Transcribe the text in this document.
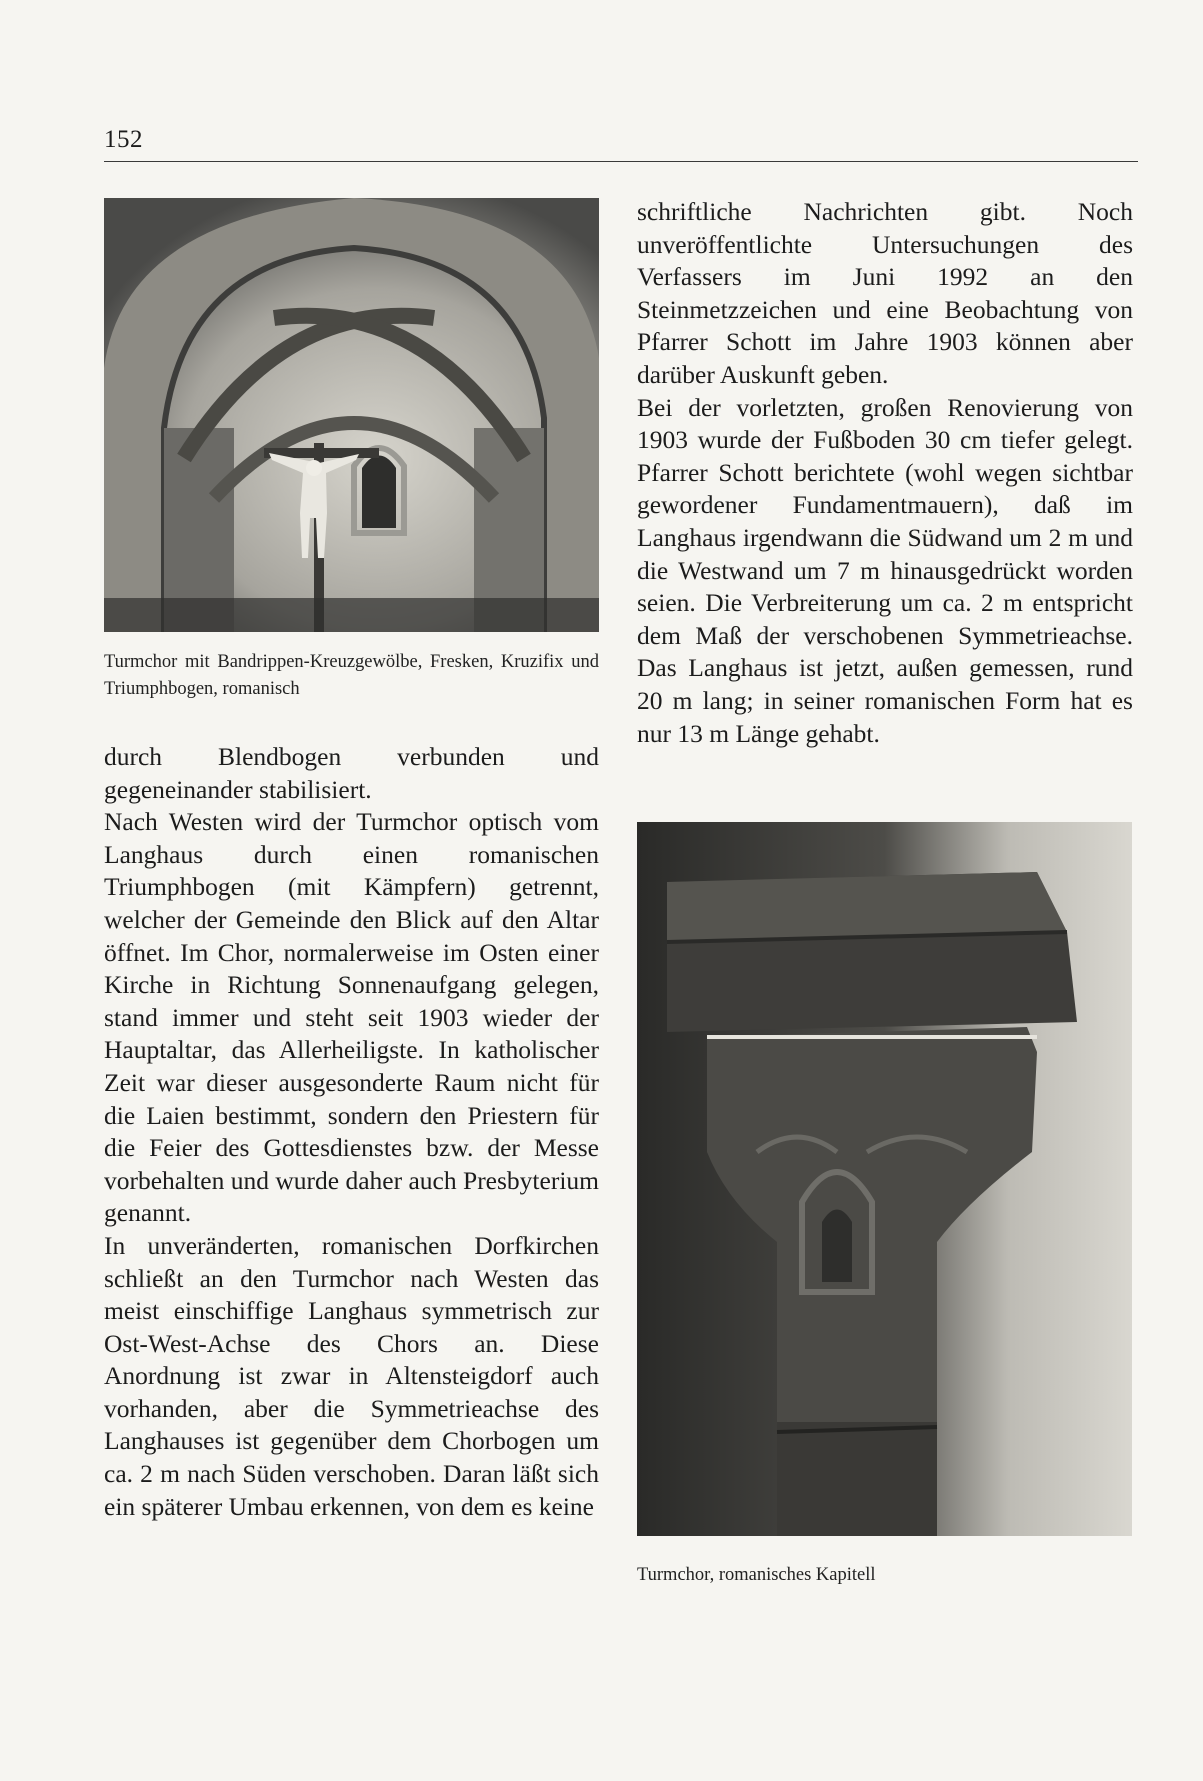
152
Turmchor mit Bandrippen-Kreuzgewölbe, Fresken, Kruzifix und Triumphbogen, romanisch

durch Blendbogen verbunden und gegeneinander stabilisiert.

Nach Westen wird der Turmchor optisch vom Langhaus durch einen romanischen Triumphbogen (mit Kämpfern) getrennt, welcher der Gemeinde den Blick auf den Altar öffnet. Im Chor, normalerweise im Osten einer Kirche in Richtung Sonnenaufgang gelegen, stand immer und steht seit 1903 wieder der Hauptaltar, das Allerheiligste. In katholischer Zeit war dieser ausgesonderte Raum nicht für die Laien bestimmt, sondern den Priestern für die Feier des Gottesdienstes bzw. der Messe vorbehalten und wurde daher auch Presbyterium genannt.

In unveränderten, romanischen Dorfkirchen schließt an den Turmchor nach Westen das meist einschiffige Langhaus symmetrisch zur Ost-West-Achse des Chors an. Diese Anordnung ist zwar in Altensteigdorf auch vorhanden, aber die Symmetrieachse des Langhauses ist gegenüber dem Chorbogen um ca. 2 m nach Süden verschoben. Daran läßt sich ein späterer Umbau erkennen, von dem es keine

schriftliche Nachrichten gibt. Noch unveröffentlichte Untersuchungen des Verfassers im Juni 1992 an den Steinmetzzeichen und eine Beobachtung von Pfarrer Schott im Jahre 1903 können aber darüber Auskunft geben.

Bei der vorletzten, großen Renovierung von 1903 wurde der Fußboden 30 cm tiefer gelegt. Pfarrer Schott berichtete (wohl wegen sichtbar gewordener Fundamentmauern), daß im Langhaus irgendwann die Südwand um 2 m und die Westwand um 7 m hinausgedrückt worden seien. Die Verbreiterung um ca. 2 m entspricht dem Maß der verschobenen Symmetrieachse. Das Langhaus ist jetzt, außen gemessen, rund 20 m lang; in seiner romanischen Form hat es nur 13 m Länge gehabt.

Turmchor, romanisches Kapitell
